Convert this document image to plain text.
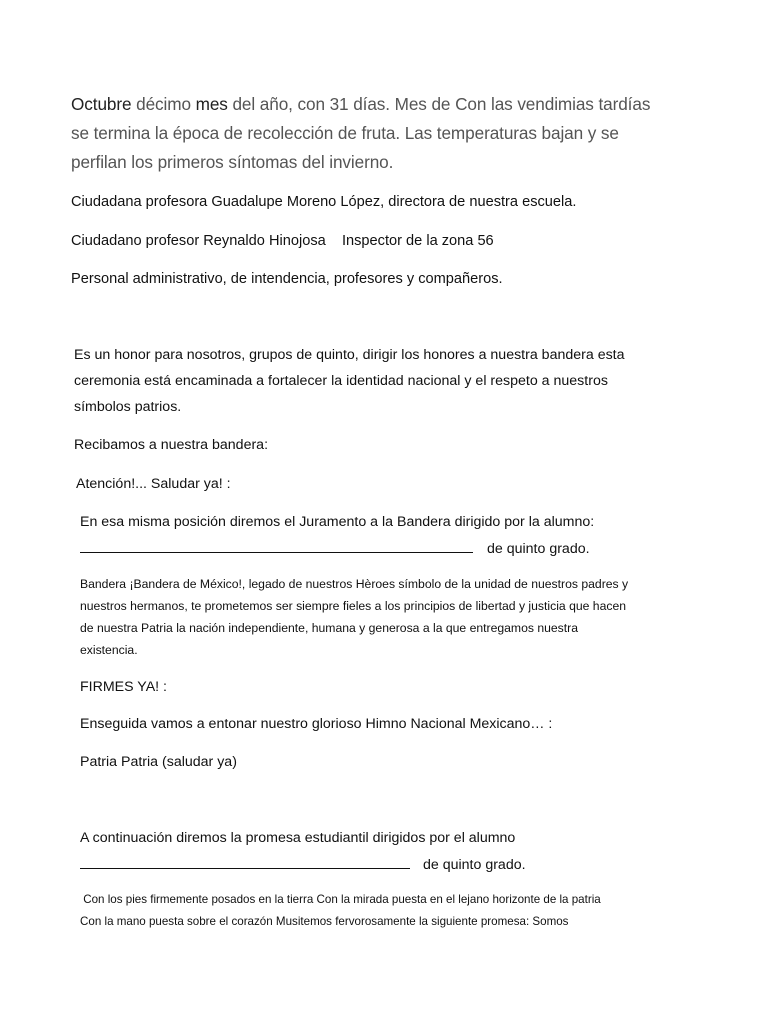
Octubre décimo mes del año, con 31 días. Mes de Con las vendimias tardías
se termina la época de recolección de fruta. Las temperaturas bajan y se
perfilan los primeros síntomas del invierno.
Ciudadana profesora Guadalupe Moreno López, directora de nuestra escuela.
Ciudadano profesor Reynaldo Hinojosa    Inspector de la zona 56
Personal administrativo, de intendencia, profesores y compañeros.
Es un honor para nosotros, grupos de quinto, dirigir los honores a nuestra bandera esta
ceremonia está encaminada a fortalecer la identidad nacional y el respeto a nuestros
símbolos patrios.
Recibamos a nuestra bandera:
Atención!... Saludar ya! :
En esa misma posición diremos el Juramento a la Bandera dirigido por la alumno:
de quinto grado.
Bandera ¡Bandera de México!, legado de nuestros Hèroes símbolo de la unidad de nuestros padres y
nuestros hermanos, te prometemos ser siempre fieles a los principios de libertad y justicia que hacen
de nuestra Patria la nación independiente, humana y generosa a la que entregamos nuestra
existencia.
FIRMES YA! :
Enseguida vamos a entonar nuestro glorioso Himno Nacional Mexicano… :
Patria Patria (saludar ya)
A continuación diremos la promesa estudiantil dirigidos por el alumno
de quinto grado.
Con los pies firmemente posados en la tierra Con la mirada puesta en el lejano horizonte de la patria
Con la mano puesta sobre el corazón Musitemos fervorosamente la siguiente promesa: Somos
